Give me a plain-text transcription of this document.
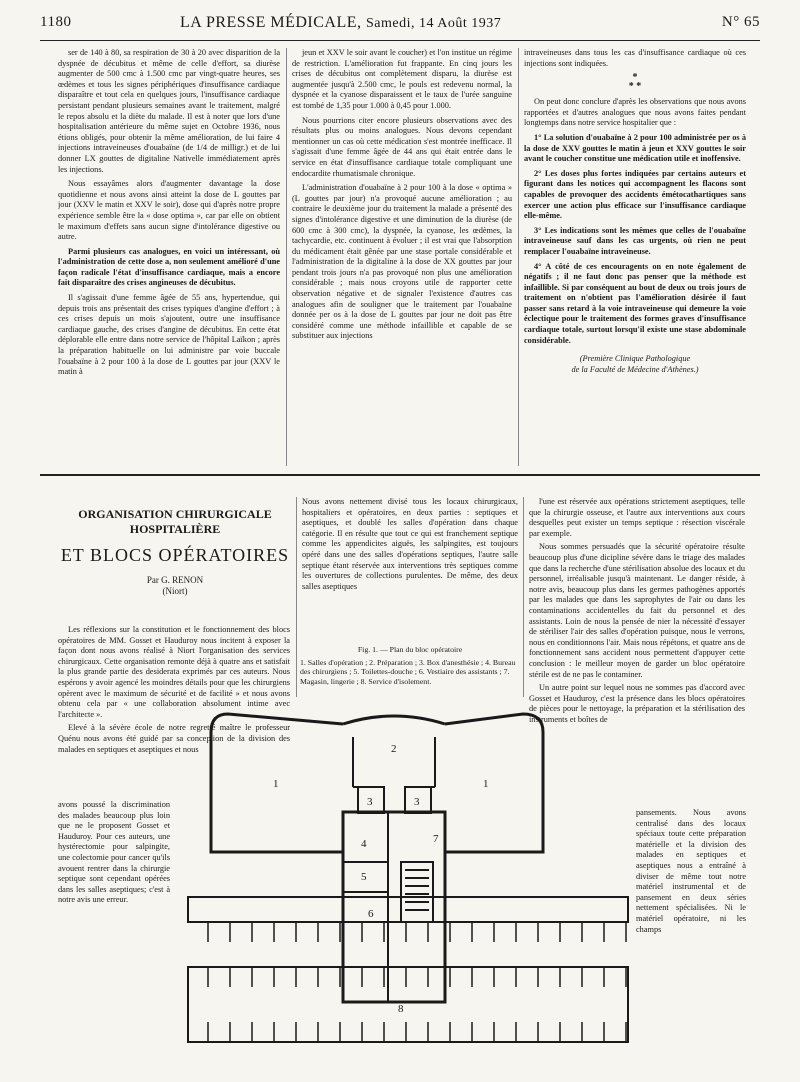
1180	LA PRESSE MÉDICALE, Samedi, 14 Août 1937	N° 65

ser de 140 à 80, sa respiration de 30 à 20 avec disparition de la dyspnée de décubitus et même de celle d'effort, sa diurèse augmenter de 500 cmc à 1.500 cmc par vingt-quatre heures, ses œdèmes et tous les signes périphériques d'insuffisance cardiaque disparaître et tout cela en quelques jours, l'insuffisance cardiaque persistant pendant plusieurs semaines avant le traitement, malgré le repos absolu et la diète du malade. Il est à noter que lors d'une hospitalisation antérieure du même sujet en Octobre 1936, nous étions obligés, pour obtenir la même amélioration, de lui faire 4 injections intraveineuses d'ouabaïne (de 1/4 de milligr.) et de lui donner LX gouttes de digitaline Nativelle immédiatement après les injections.

Nous essayâmes alors d'augmenter davantage la dose quotidienne et nous avons ainsi atteint la dose de L gouttes par jour (XXV le matin et XXV le soir), dose qui d'après notre propre expérience semble être la « dose optima », car par elle on obtient le maximum d'effets sans aucun signe d'intolérance digestive ou autre.

Parmi plusieurs cas analogues, en voici un intéressant, où l'administration de cette dose a, non seulement amélioré d'une façon radicale l'état d'insuffisance cardiaque, mais a encore fait disparaître des crises angineuses de décubitus.

Il s'agissait d'une femme âgée de 55 ans, hypertendue, qui depuis trois ans présentait des crises typiques d'angine d'effort ; à ces crises depuis un mois s'ajoutent, outre une insuffisance cardiaque gauche, des crises d'angine de décubitus. En cette état déplorable elle entre dans notre service de l'hôpital Laïkon ; après la préparation habituelle on lui administre par voie buccale l'ouabaïne à 2 pour 100 à la dose de L gouttes par jour (XXV le matin à

jeun et XXV le soir avant le coucher) et l'on institue un régime de restriction. L'amélioration fut frappante. En cinq jours les crises de décubitus ont complètement disparu, la diurèse est augmentée jusqu'à 2.500 cmc, le pouls est redevenu normal, la dyspnée et la cyanose disparaissent et le taux de l'urée sanguine est tombé de 1,35 pour 1.000 à 0,45 pour 1.000.

Nous pourrions citer encore plusieurs observations avec des résultats plus ou moins analogues. Nous devons cependant mentionner un cas où cette médication s'est montrée inefficace. Il s'agissait d'une femme âgée de 44 ans qui était entrée dans le service en état d'insuffisance cardiaque totale compliquant une endocardite rhumatismale chronique.

L'administration d'ouabaïne à 2 pour 100 à la dose « optima » (L gouttes par jour) n'a provoqué aucune amélioration ; au contraire le deuxième jour du traitement la malade a présenté des signes d'intolérance digestive et une diminution de la diurèse (de 600 cmc à 300 cmc), la dyspnée, la cyanose, les œdèmes, la tachycardie, etc. continuent à évoluer ; il est vrai que l'absorption du médicament était gênée par une stase portale considérable et l'administration de la digitaline à la dose de XX gouttes par jour pendant trois jours n'a pas provoqué non plus une amélioration considérable ; mais nous croyons utile de rapporter cette observation négative et de signaler l'existence d'autres cas analogues afin de souligner que le traitement par l'ouabaïne donnée per os à la dose de L gouttes par jour ne doit pas être considéré comme une méthode infaillible et capable de se substituer aux injections

intraveineuses dans tous les cas d'insuffisance cardiaque où ces injections sont indiquées.

*
* *

On peut donc conclure d'après les observations que nous avons rapportées et d'autres analogues que nous avons faites pendant longtemps dans notre service hospitalier que :

1° La solution d'ouabaïne à 2 pour 100 administrée per os à la dose de XXV gouttes le matin à jeun et XXV gouttes le soir avant le coucher constitue une médication utile et inoffensive.

2° Les doses plus fortes indiquées par certains auteurs et figurant dans les notices qui accompagnent les flacons sont capables de provoquer des accidents émétocathartiques sans exercer une action plus efficace sur l'insuffisance cardiaque elle-même.

3° Les indications sont les mêmes que celles de l'ouabaïne intraveineuse sauf dans les cas urgents, où rien ne peut remplacer l'ouabaïne intraveineuse.

4° A côté de ces encouragents on en note également de négatifs ; il ne faut donc pas penser que la méthode est infaillible. Si par conséquent au bout de deux ou trois jours de traitement on n'obtient pas l'amélioration désirée il faut passer sans retard à la voie intraveineuse qui demeure la voie éclectique pour le traitement des formes graves d'insuffisance cardiaque totale, surtout lorsqu'il existe une stase abdominale considérable.

(Première Clinique Pathologique

de la Faculté de Médecine d'Athènes.)

ORGANISATION CHIRURGICALE
HOSPITALIÈRE
ET BLOCS OPÉRATOIRES
Par G. RENON
(Niort)

Les réflexions sur la constitution et le fonctionnement des blocs opératoires de MM. Gosset et Hauduroy nous incitent à exposer la façon dont nous avons réalisé à Niort l'organisation des services chirurgicaux. Cette organisation remonte déjà à quatre ans et satisfait la plus grande partie des desiderata exprimés par ces auteurs. Nous espérons y avoir agencé les moindres détails pour que les chirurgiens opèrent avec le maximum de sécurité et de facilité » et nous avons obtenu cela par « une collaboration absolument intime avec l'architecte ».

Elevé à la sévère école de notre regretté maître le professeur Quénu nous avons été guidé par sa conception de la division des malades en septiques et aseptiques et nous

avons poussé la discrimination des malades beaucoup plus loin que ne le proposent Gosset et Hauduroy. Pour ces auteurs, une hystérectomie pour salpingite, une colectomie pour cancer qu'ils avouent rentrer dans la chirurgie septique sont cependant opérées dans les salles aseptiques; c'est à notre avis une erreur.

Nous avons nettement divisé tous les locaux chirurgicaux, hospitaliers et opératoires, en deux parties : septiques et aseptiques, et doublé les salles d'opération dans chaque catégorie. Il en résulte que tout ce qui est franchement septique comme les appendicites aiguës, les salpingites, est toujours opéré dans une des salles d'opérations septiques, l'autre salle septique étant réservée aux interventions très septiques comme les ouvertures de collections purulentes. De même, des deux salles aseptiques

Fig. 1. — Plan du bloc opératoire
1. Salles d'opération ; 2. Préparation ; 3. Box d'anesthésie ; 4. Bureau des chirurgiens ; 5. Toilettes-douche ; 6. Vestiaire des assistants ; 7. Magasin, lingerie ; 8. Service d'isolement.

l'une est réservée aux opérations strictement aseptiques, telle que la chirurgie osseuse, et l'autre aux interventions aux cours desquelles peut exister un temps septique : résection viscérale par exemple.

Nous sommes persuadés que la sécurité opératoire résulte beaucoup plus d'une dicipline sévère dans le triage des malades que dans la recherche d'une stérilisation absolue des locaux et du personnel, irréalisable jusqu'à maintenant. Le danger réside, à notre avis, beaucoup plus dans les germes pathogènes apportés par les malades que dans les saprophytes de l'air ou dans les contaminations accidentelles du fait du personnel et des assistants. Loin de nous la pensée de nier la nécessité d'essayer de stériliser l'air des salles d'opération puisque, nous le verrons, nous en conditionnons l'air. Mais nous répétons, et quatre ans de fonctionnement sans accident nous permettent d'appuyer cette conclusion : le meilleur moyen de garder un bloc opératoire stérile est de ne pas le contaminer.

Un autre point sur lequel nous ne sommes pas d'accord avec Gosset et Hauduroy, c'est la présence dans les blocs opératoires de pièces pour le nettoyage, la préparation et la stérilisation des instruments et boîtes de

pansements. Nous avons centralisé dans des locaux spéciaux toute cette préparation matérielle et la division des malades en septiques et aseptiques nous a entraîné à diviser de même tout notre matériel instrumental et de pansement en deux séries nettement spécialisées. Ni le matériel opératoire, ni les champs

1
2
3	3
1
4
5
6
7
8
